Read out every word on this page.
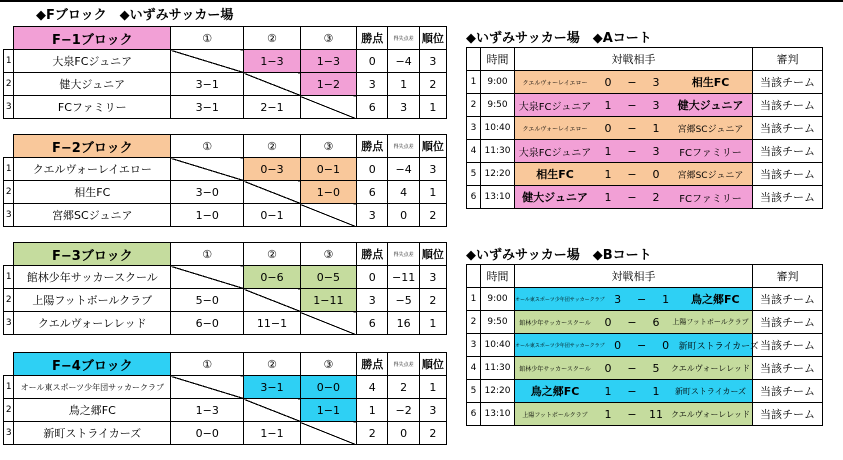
◆Fブロック　◆いずみサッカー場
	F−1ブロック	①	②	③	勝点	得失点差	順位
1	大泉FCジュニア		1−3	1−3	0	−4	3
2	健大ジュニア	3−1		1−2	3	1	2
3	FCファミリー	3−1	2−1		6	3	1
	F−2ブロック	①	②	③	勝点	得失点差	順位
1	クエルヴォーレイエロー		0−3	0−1	0	−4	3
2	相生FC	3−0		1−0	6	4	1
3	宮郷SCジュニア	1−0	0−1		3	0	2
	F−3ブロック	①	②	③	勝点	得失点差	順位
1	館林少年サッカースクール		0−6	0−5	0	−11	3
2	上陽フットボールクラブ	5−0		1−11	3	−5	2
3	クエルヴォーレレッド	6−0	11−1		6	16	1
	F−4ブロック	①	②	③	勝点	得失点差	順位
1	オール東スポーツ少年団サッカークラブ		3−1	0−0	4	2	1
2	鳥之郷FC	1−3		1−1	1	−2	3
3	新町ストライカーズ	0−0	1−1		2	0	2
◆いずみサッカー場　◆Aコート
	時間	対戦相手	審判
1	9:00	クエルヴォーレイエロー 0 − 3 相生FC	当該チーム
2	9:50	大泉FCジュニア 1 − 3 健大ジュニア	当該チーム
3	10:40	クエルヴォーレイエロー 0 − 1 宮郷SCジュニア	当該チーム
4	11:30	大泉FCジュニア 1 − 3 FCファミリー	当該チーム
5	12:20	相生FC 1 − 0 宮郷SCジュニア	当該チーム
6	13:10	健大ジュニア 1 − 2 FCファミリー	当該チーム
◆いずみサッカー場　◆Bコート
	時間	対戦相手	審判
1	9:00	オール東スポーツ少年団サッカークラブ 3 − 1 鳥之郷FC	当該チーム
2	9:50	館林少年サッカースクール 0 − 6 上陽フットボールクラブ	当該チーム
3	10:40	オール東スポーツ少年団サッカークラブ 0 − 0 新町ストライカーズ	当該チーム
4	11:30	館林少年サッカースクール 0 − 5 クエルヴォーレレッド	当該チーム
5	12:20	鳥之郷FC 1 − 1 新町ストライカーズ	当該チーム
6	13:10	上陽フットボールクラブ 1 − 11 クエルヴォーレレッド	当該チーム
